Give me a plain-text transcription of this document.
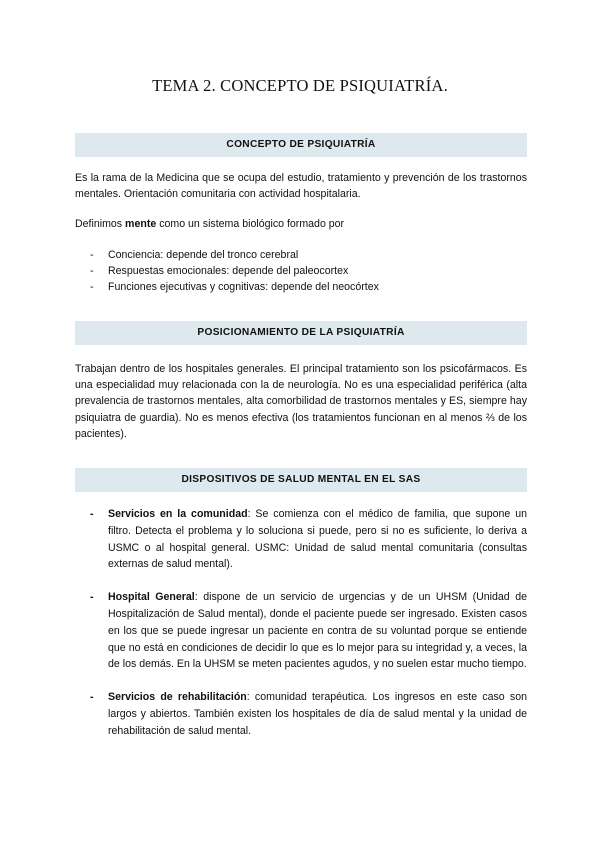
TEMA 2. CONCEPTO DE PSIQUIATRÍA.
CONCEPTO DE PSIQUIATRÍA
Es la rama de la Medicina que se ocupa del estudio, tratamiento y prevención de los trastornos mentales. Orientación comunitaria con actividad hospitalaria.
Definimos mente como un sistema biológico formado por
- Conciencia: depende del tronco cerebral
- Respuestas emocionales: depende del paleocortex
- Funciones ejecutivas y cognitivas: depende del neocórtex
POSICIONAMIENTO DE LA PSIQUIATRÍA
Trabajan dentro de los hospitales generales. El principal tratamiento son los psicofármacos. Es una especialidad muy relacionada con la de neurología. No es una especialidad periférica (alta prevalencia de trastornos mentales, alta comorbilidad de trastornos mentales y ES, siempre hay psiquiatra de guardia). No es menos efectiva (los tratamientos funcionan en al menos ⅔ de los pacientes).
DISPOSITIVOS DE SALUD MENTAL EN EL SAS
- Servicios en la comunidad: Se comienza con el médico de familia, que supone un filtro. Detecta el problema y lo soluciona si puede, pero si no es suficiente, lo deriva a USMC o al hospital general. USMC: Unidad de salud mental comunitaria (consultas externas de salud mental).
- Hospital General: dispone de un servicio de urgencias y de un UHSM (Unidad de Hospitalización de Salud mental), donde el paciente puede ser ingresado. Existen casos en los que se puede ingresar un paciente en contra de su voluntad porque se entiende que no está en condiciones de decidir lo que es lo mejor para su integridad y, a veces, la de los demás. En la UHSM se meten pacientes agudos, y no suelen estar mucho tiempo.
- Servicios de rehabilitación: comunidad terapéutica. Los ingresos en este caso son largos y abiertos. También existen los hospitales de día de salud mental y la unidad de rehabilitación de salud mental.
